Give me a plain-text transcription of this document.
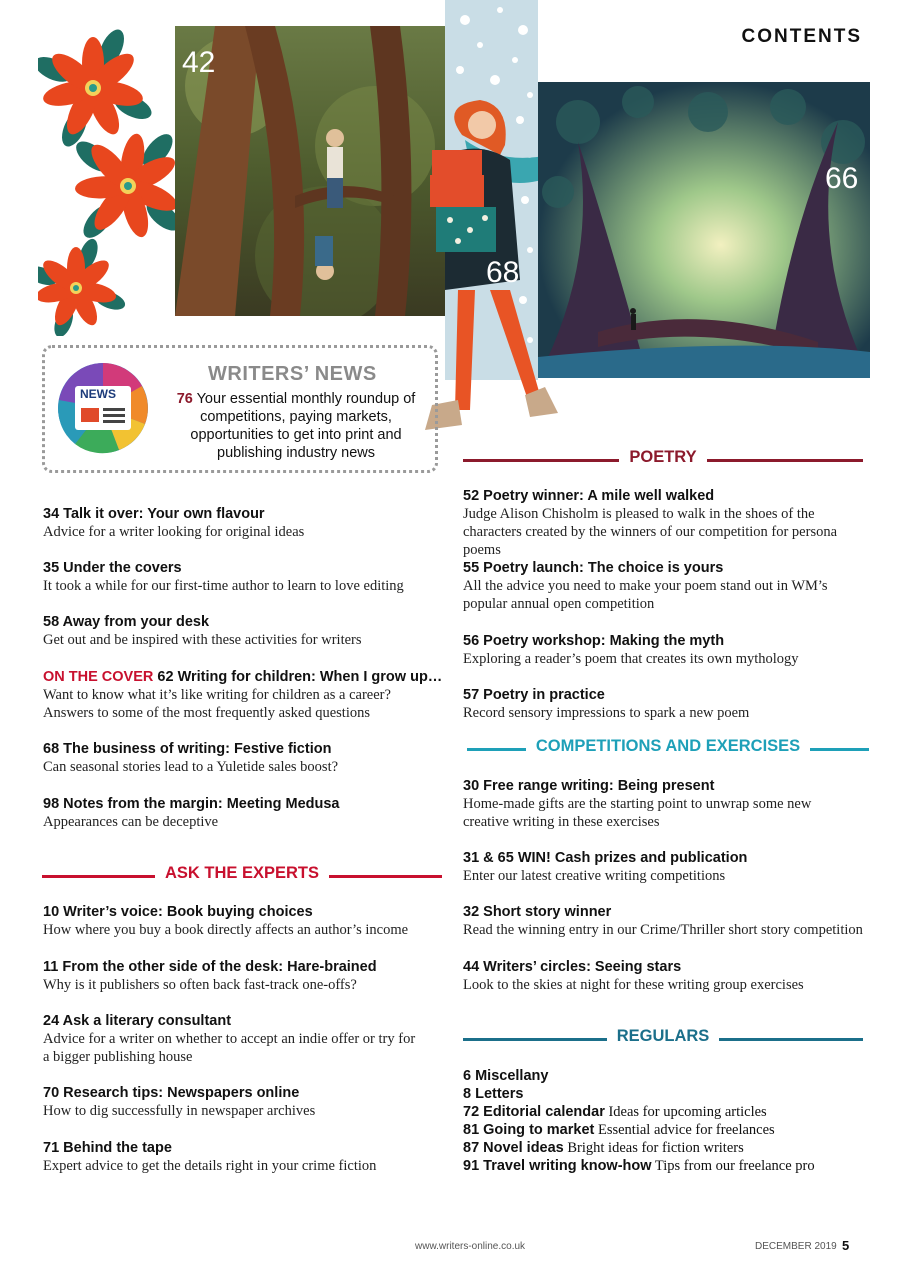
CONTENTS
42
68
66
NEWS
WRITERS’ NEWS
76 Your essential monthly roundup of competitions, paying markets, opportunities to get into print and publishing industry news
34 Talk it over: Your own flavour
Advice for a writer looking for original ideas
35 Under the covers
It took a while for our first-time author to learn to love editing
58 Away from your desk
Get out and be inspired with these activities for writers
ON THE COVER 62 Writing for children: When I grow up…
Want to know what it’s like writing for children as a career? Answers to some of the most frequently asked questions
68 The business of writing: Festive fiction
Can seasonal stories lead to a Yuletide sales boost?
98 Notes from the margin: Meeting Medusa
Appearances can be deceptive
ASK THE EXPERTS
10 Writer’s voice: Book buying choices
How where you buy a book directly affects an author’s income
11 From the other side of the desk: Hare-brained
Why is it publishers so often back fast-track one-offs?
24 Ask a literary consultant
Advice for a writer on whether to accept an indie offer or try for a bigger publishing house
70 Research tips: Newspapers online
How to dig successfully in newspaper archives
71 Behind the tape
Expert advice to get the details right in your crime fiction
POETRY
52 Poetry winner: A mile well walked
Judge Alison Chisholm is pleased to walk in the shoes of the characters created by the winners of our competition for persona poems
55 Poetry launch: The choice is yours
All the advice you need to make your poem stand out in WM’s popular annual open competition
56 Poetry workshop: Making the myth
Exploring a reader’s poem that creates its own mythology
57 Poetry in practice
Record sensory impressions to spark a new poem
COMPETITIONS AND EXERCISES
30 Free range writing: Being present
Home-made gifts are the starting point to unwrap some new creative writing in these exercises
31 & 65 WIN! Cash prizes and publication
Enter our latest creative writing competitions
32 Short story winner
Read the winning entry in our Crime/Thriller short story competition
44 Writers’ circles: Seeing stars
Look to the skies at night for these writing group exercises
REGULARS
6 Miscellany
8 Letters
72 Editorial calendar Ideas for upcoming articles
81 Going to market Essential advice for freelances
87 Novel ideas Bright ideas for fiction writers
91 Travel writing know-how Tips from our freelance pro
www.writers-online.co.uk	DECEMBER 2019 5
